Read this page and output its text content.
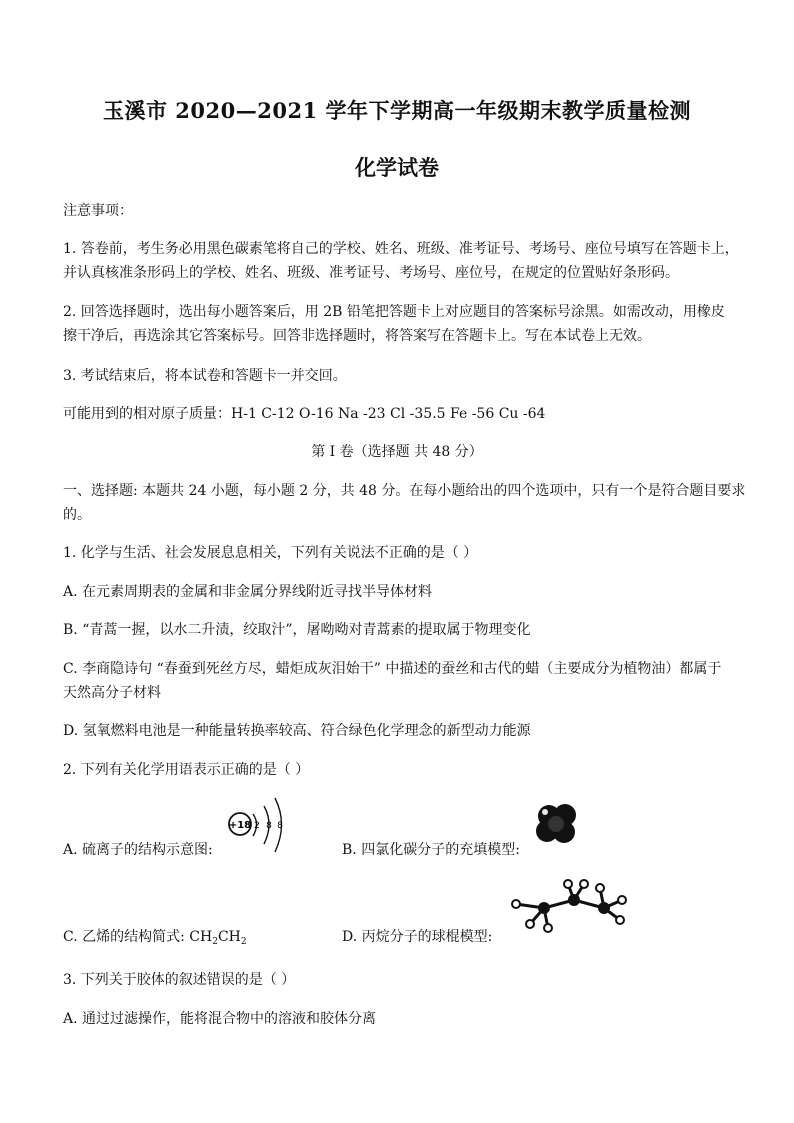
玉溪市 2020—2021 学年下学期高一年级期末教学质量检测
化学试卷
注意事项：
1. 答卷前，考生务必用黑色碳素笔将自己的学校、姓名、班级、准考证号、考场号、座位号填写在答题卡上，
并认真核准条形码上的学校、姓名、班级、准考证号、考场号、座位号，在规定的位置贴好条形码。
2. 回答选择题时，选出每小题答案后，用 2B 铅笔把答题卡上对应题目的答案标号涂黑。如需改动，用橡皮
擦干净后，再选涂其它答案标号。回答非选择题时，将答案写在答题卡上。写在本试卷上无效。
3. 考试结束后，将本试卷和答题卡一并交回。
可能用到的相对原子质量：H-1 C-12 O-16 Na -23 Cl -35.5 Fe -56 Cu -64
第 I 卷（选择题 共 48 分）
一、选择题: 本题共 24 小题，每小题 2 分，共 48 分。在每小题给出的四个选项中，只有一个是符合题目要求
的。
1. 化学与生活、社会发展息息相关，下列有关说法不正确的是（ ）
A. 在元素周期表的金属和非金属分界线附近寻找半导体材料
B. “青蒿一握，以水二升渍，绞取汁”，屠呦呦对青蒿素的提取属于物理变化
C. 李商隐诗句 “春蚕到死丝方尽，蜡炬成灰泪始干” 中描述的蚕丝和古代的蜡（主要成分为植物油）都属于
天然高分子材料
D. 氢氧燃料电池是一种能量转换率较高、符合绿色化学理念的新型动力能源
2. 下列有关化学用语表示正确的是（ ）
A. 硫离子的结构示意图:
+18 2 8 8
B. 四氯化碳分子的充填模型:
C. 乙烯的结构简式: $CH_2CH_2$	D. 丙烷分子的球棍模型:
3. 下列关于胶体的叙述错误的是（ ）
A. 通过过滤操作，能将混合物中的溶液和胶体分离
